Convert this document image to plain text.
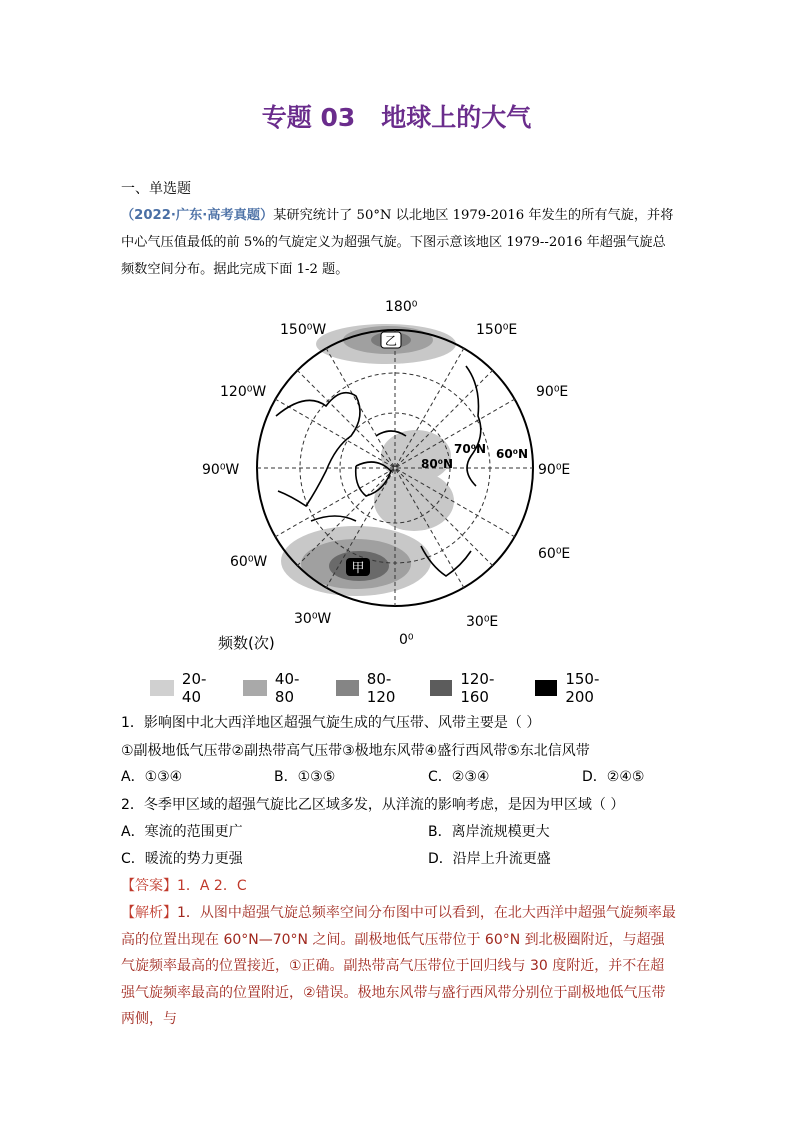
专题 03 地球上的大气
一、单选题
（2022·广东·高考真题）某研究统计了 50°N 以北地区 1979-2016 年发生的所有气旋，并将中心气压值最低的前 5%的气旋定义为超强气旋。下图示意该地区 1979--2016 年超强气旋总频数空间分布。据此完成下面 1-2 题。
甲
乙
180⁰
150⁰W	150⁰E
120⁰W	90⁰E
90⁰W	90⁰E
60⁰W	60⁰E
30⁰W	30⁰E
0⁰
70⁰N
80⁰N
60⁰N
频数(次)
20-40
40-80
80-120
120-160
150-200
1．影响图中北大西洋地区超强气旋生成的气压带、风带主要是（ ）
①副极地低气压带②副热带高气压带③极地东风带④盛行西风带⑤东北信风带
A．①③④	B．①③⑤	C．②③④	D．②④⑤
2．冬季甲区域的超强气旋比乙区域多发，从洋流的影响考虑，是因为甲区域（ ）
A．寒流的范围更广	B．离岸流规模更大
C．暖流的势力更强	D．沿岸上升流更盛
【答案】1．A 2．C
【解析】1．从图中超强气旋总频率空间分布图中可以看到，在北大西洋中超强气旋频率最高的位置出现在 60°N—70°N 之间。副极地低气压带位于 60°N 到北极圈附近，与超强气旋频率最高的位置接近，①正确。副热带高气压带位于回归线与 30 度附近，并不在超强气旋频率最高的位置附近，②错误。极地东风带与盛行西风带分别位于副极地低气压带两侧，与
